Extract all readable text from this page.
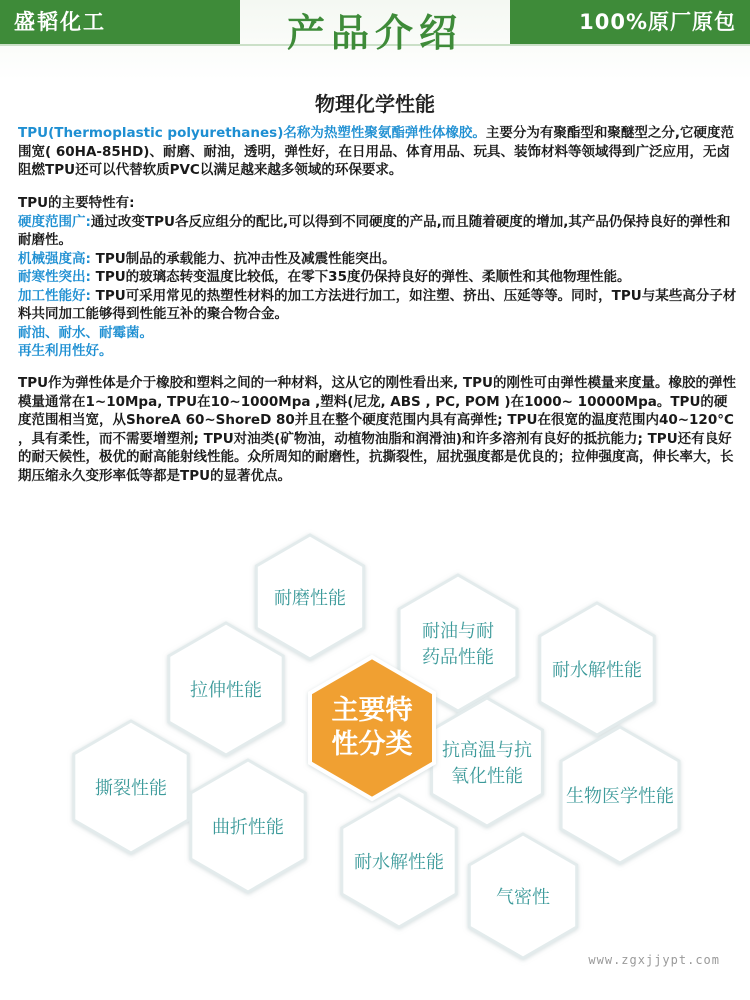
盛韬化工	产品介绍	100%原厂原包
物理化学性能
TPU(Thermoplastic polyurethanes)名称为热塑性聚氨酯弹性体橡胶。主要分为有聚酯型和聚醚型之分,它硬度范围宽( 60HA-85HD)、耐磨、耐油，透明，弹性好，在日用品、体育用品、玩具、装饰材料等领域得到广泛应用，无卤阻燃TPU还可以代替软质PVC以满足越来越多领域的环保要求。
TPU的主要特性有:
硬度范围广:通过改变TPU各反应组分的配比,可以得到不同硬度的产品,而且随着硬度的增加,其产品仍保持良好的弹性和耐磨性。
机械强度高: TPU制品的承载能力、抗冲击性及减震性能突出。
耐寒性突出: TPU的玻璃态转变温度比较低，在零下35度仍保持良好的弹性、柔顺性和其他物理性能。
加工性能好: TPU可采用常见的热塑性材料的加工方法进行加工，如注塑、挤出、压延等等。同时，TPU与某些高分子材料共同加工能够得到性能互补的聚合物合金。
耐油、耐水、耐霉菌。
再生利用性好。
TPU作为弹性体是介于橡胶和塑料之间的一种材料，这从它的刚性看出来, TPU的刚性可由弹性模量来度量。橡胶的弹性模量通常在1~10Mpa, TPU在10~1000Mpa ,塑料(尼龙, ABS , PC, POM )在1000~ 10000Mpa。TPU的硬度范围相当宽，从ShoreA 60~ShoreD 80并且在整个硬度范围内具有高弹性; TPU在很宽的温度范围内40~120°C ，具有柔性，而不需要增塑剂; TPU对油类(矿物油，动植物油脂和润滑油)和许多溶剂有良好的抵抗能力; TPU还有良好的耐天候性，极优的耐高能射线性能。众所周知的耐磨性，抗撕裂性，屈扰强度都是优良的；拉伸强度高，伸长率大，长期压缩永久变形率低等都是TPU的显著优点。
耐磨性能
耐油与耐
药品性能
耐水解性能
拉伸性能
抗高温与抗
氧化性能
撕裂性能
曲折性能
生物医学性能
耐水解性能
气密性
主要特
性分类
www.zgxjjypt.com
